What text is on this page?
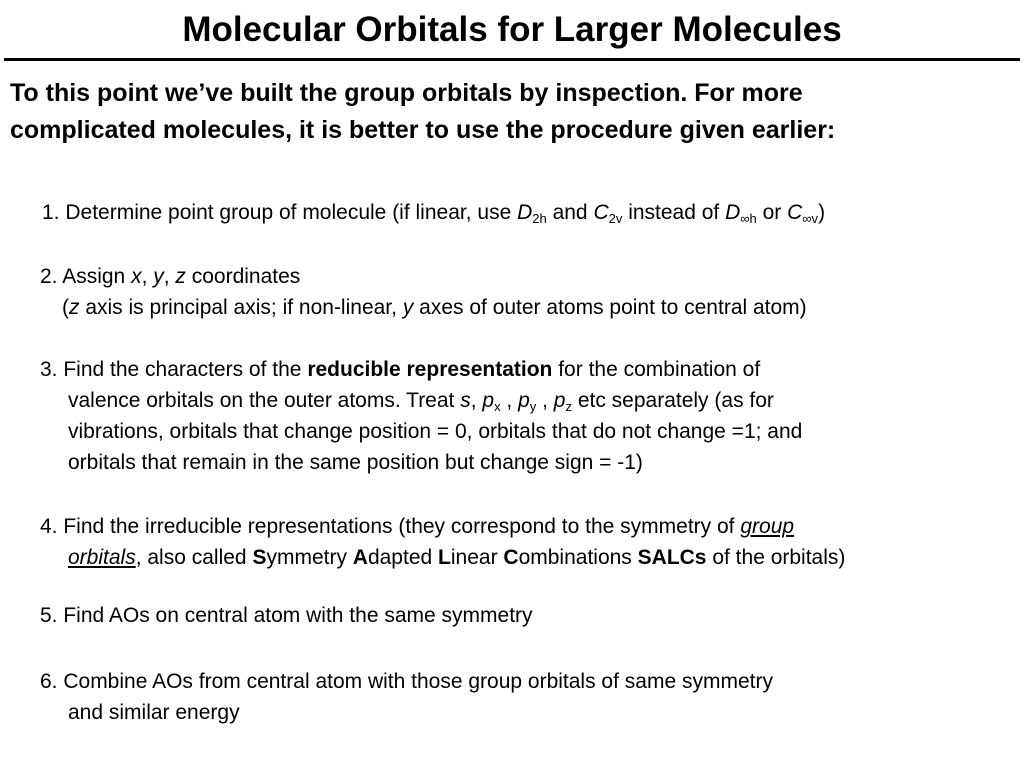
Molecular Orbitals for Larger Molecules
To this point we’ve built the group orbitals by inspection. For more
complicated molecules, it is better to use the procedure given earlier:
1. Determine point group of molecule (if linear, use $D_{2h}$ and $C_{2v}$ instead of $D_{\infty h}$ or $C_{\infty v}$)
2. Assign x, y, z coordinates
(z axis is principal axis; if non-linear, y axes of outer atoms point to central atom)
3. Find the characters of the reducible representation for the combination of
valence orbitals on the outer atoms. Treat s, $p_x$ , $p_y$ , $p_z$ etc separately (as for
vibrations, orbitals that change position = 0, orbitals that do not change =1; and
orbitals that remain in the same position but change sign = -1)
4. Find the irreducible representations (they correspond to the symmetry of group
orbitals, also called Symmetry Adapted Linear Combinations SALCs of the orbitals)
5. Find AOs on central atom with the same symmetry
6. Combine AOs from central atom with those group orbitals of same symmetry
and similar energy
